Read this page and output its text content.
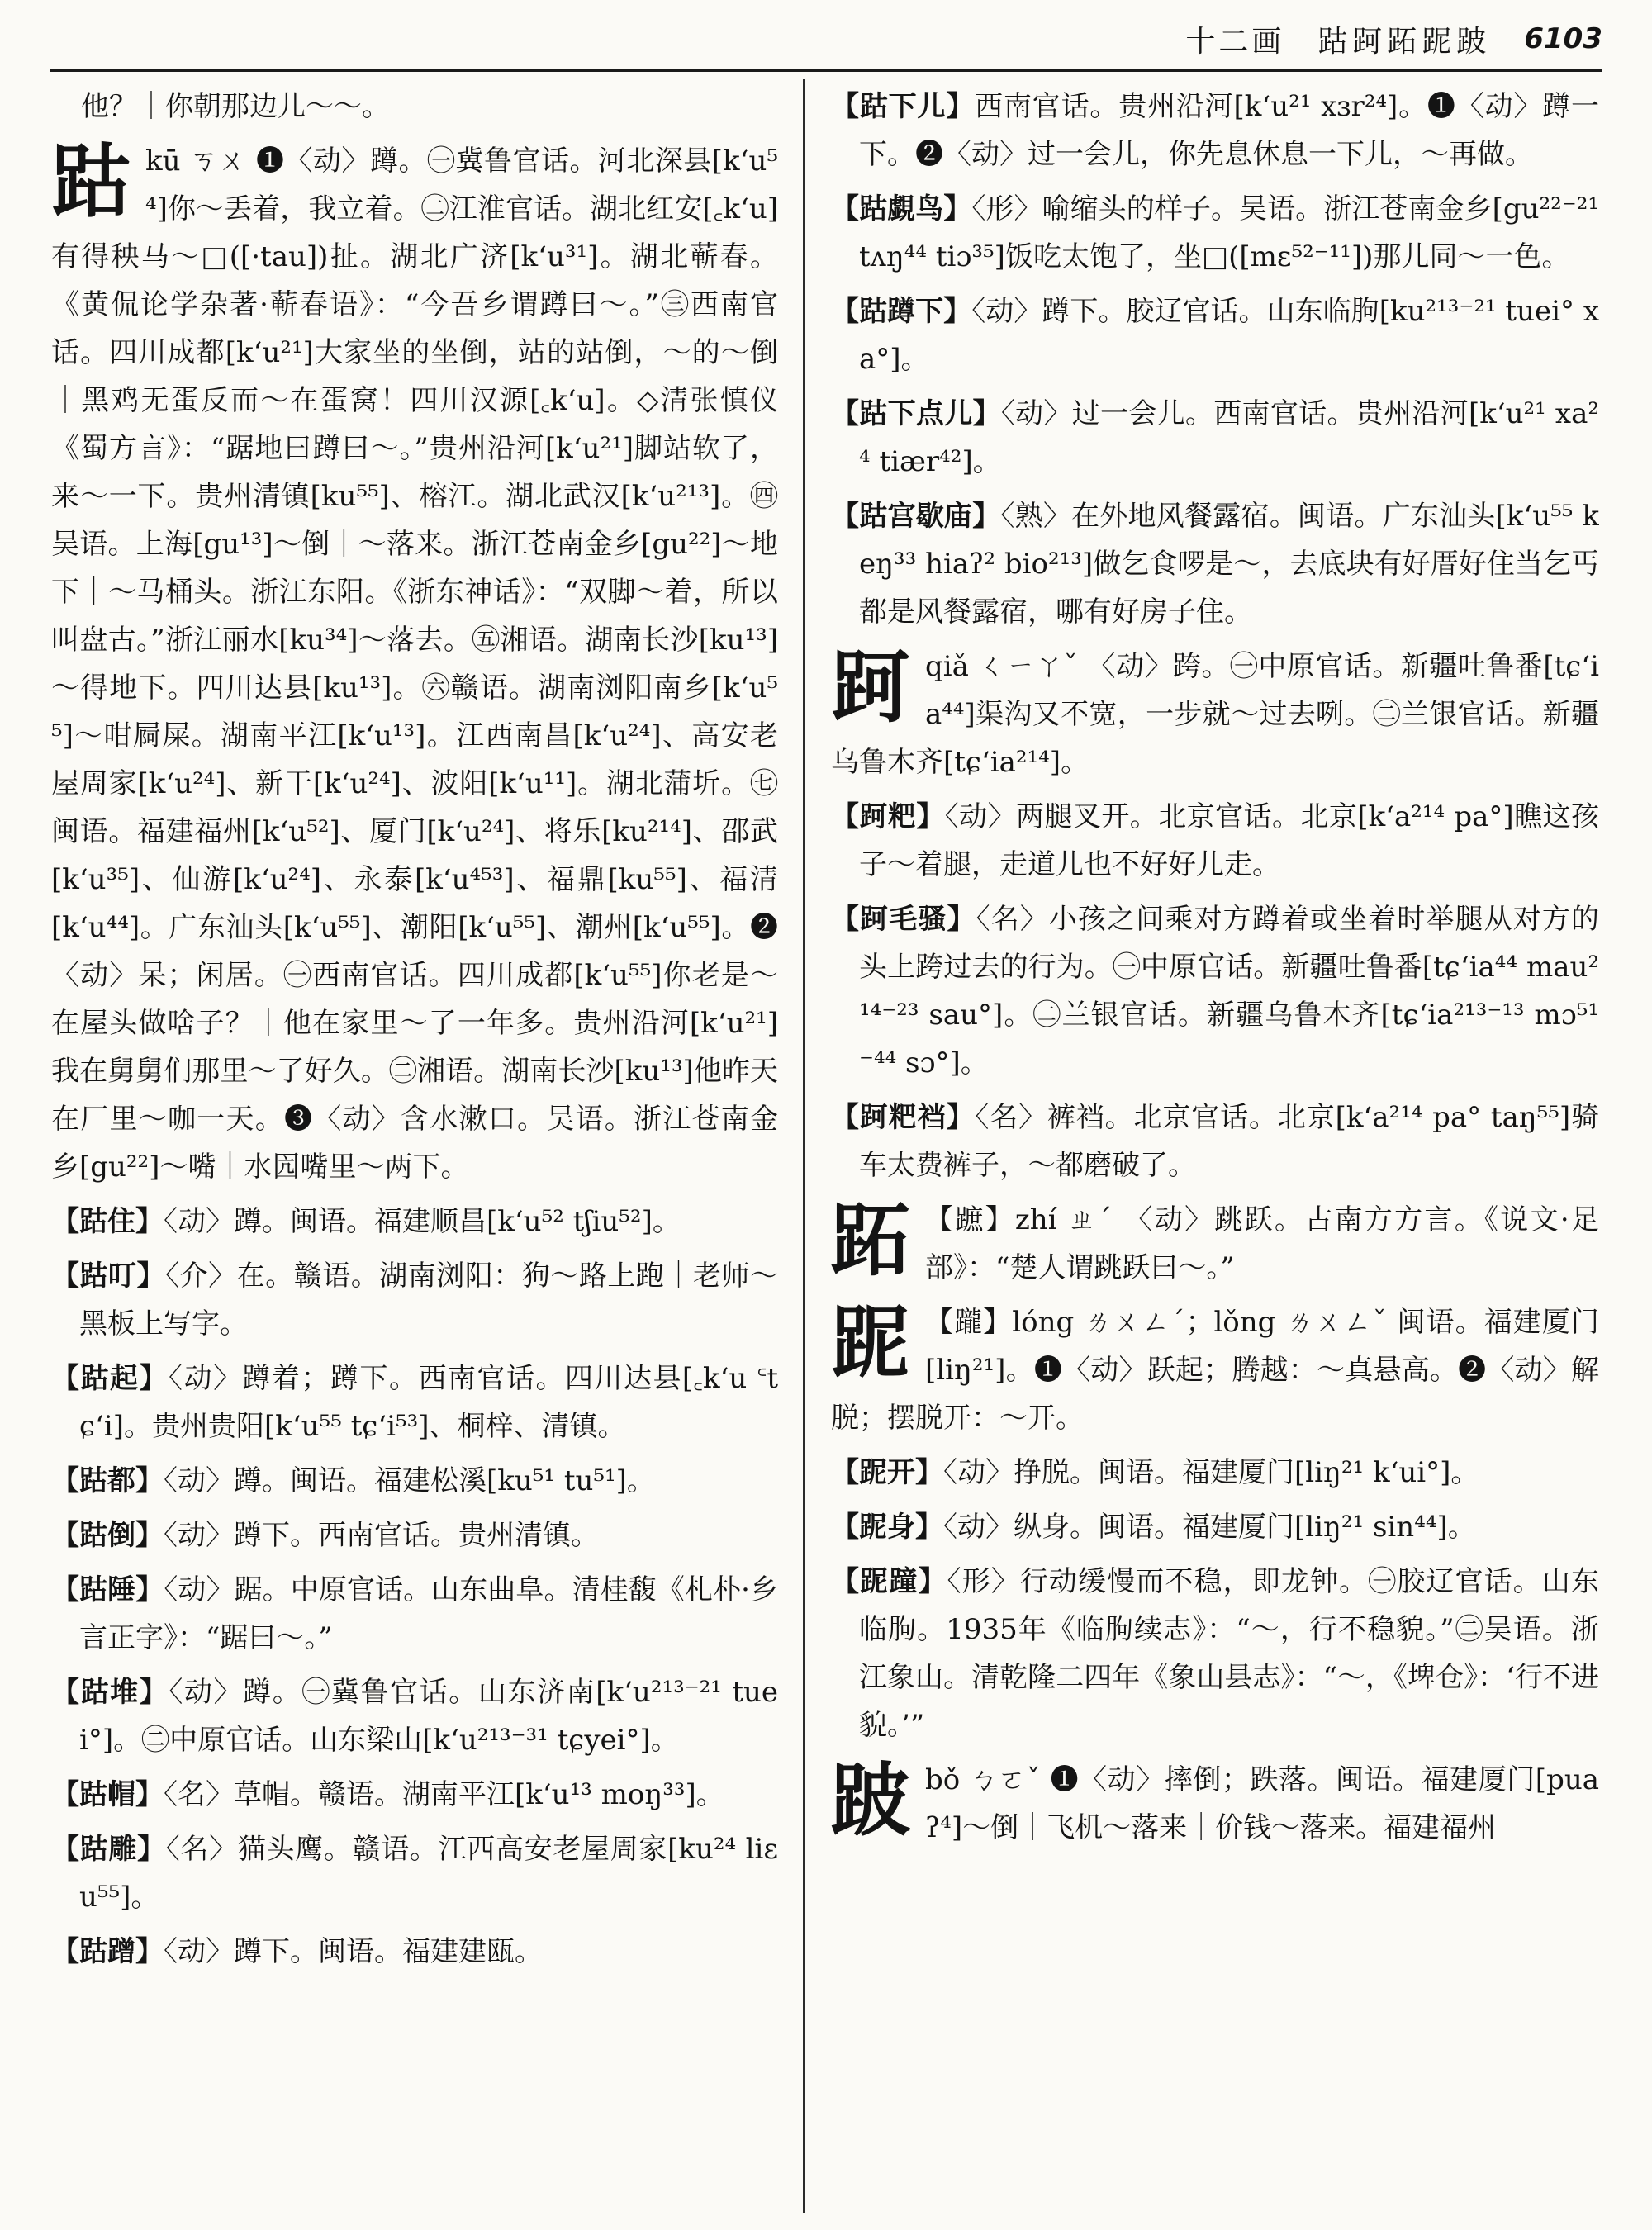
十二画 跍跒跖跜跛 6103

他？｜你朝那边儿～～。

跍 kū ㄎㄨ ❶〈动〉蹲。㊀冀鲁官话。河北深县[k‘u⁵⁴]你～丢着，我立着。㊁江淮官话。湖北红安[꜀k‘u]有得秧马～□([·tau])扯。湖北广济[k‘u³¹]。湖北蕲春。《黄侃论学杂著·蕲春语》：“今吾乡谓蹲曰～。”㊂西南官话。四川成都[k‘u²¹]大家坐的坐倒，站的站倒，～的～倒｜黑鸡无蛋反而～在蛋窝！四川汉源[꜀k‘u]。◇清张慎仪《蜀方言》：“踞地曰蹲曰～。”贵州沿河[k‘u²¹]脚站软了，来～一下。贵州清镇[ku⁵⁵]、榕江。湖北武汉[k‘u²¹³]。㊃吴语。上海[gu¹³]～倒｜～落来。浙江苍南金乡[gu²²]～地下｜～马桶头。浙江东阳。《浙东神话》：“双脚～着，所以叫盘古。”浙江丽水[ku³⁴]～落去。㊄湘语。湖南长沙[ku¹³]～得地下。四川达县[ku¹³]。㊅赣语。湖南浏阳南乡[k‘u⁵⁵]～咁屙屎。湖南平江[k‘u¹³]。江西南昌[k‘u²⁴]、高安老屋周家[k‘u²⁴]、新干[k‘u²⁴]、波阳[k‘u¹¹]。湖北蒲圻。㊆闽语。福建福州[k‘u⁵²]、厦门[k‘u²⁴]、将乐[ku²¹⁴]、邵武[k‘u³⁵]、仙游[k‘u²⁴]、永泰[k‘u⁴⁵³]、福鼎[ku⁵⁵]、福清[k‘u⁴⁴]。广东汕头[k‘u⁵⁵]、潮阳[k‘u⁵⁵]、潮州[k‘u⁵⁵]。❷〈动〉呆；闲居。㊀西南官话。四川成都[k‘u⁵⁵]你老是～在屋头做啥子？｜他在家里～了一年多。贵州沿河[k‘u²¹]我在舅舅们那里～了好久。㊁湘语。湖南长沙[ku¹³]他昨天在厂里～咖一天。❸〈动〉含水漱口。吴语。浙江苍南金乡[gu²²]～嘴｜水囥嘴里～两下。

【跍住】〈动〉蹲。闽语。福建顺昌[k‘u⁵² tʃiu⁵²]。

【跍叮】〈介〉在。赣语。湖南浏阳：狗～路上跑｜老师～黑板上写字。

【跍起】〈动〉蹲着；蹲下。西南官话。四川达县[꜀k‘u ꜂tɕ‘i]。贵州贵阳[k‘u⁵⁵ tɕ‘i⁵³]、桐梓、清镇。

【跍都】〈动〉蹲。闽语。福建松溪[ku⁵¹ tu⁵¹]。

【跍倒】〈动〉蹲下。西南官话。贵州清镇。

【跍陲】〈动〉踞。中原官话。山东曲阜。清桂馥《札朴·乡言正字》：“踞曰～。”

【跍堆】〈动〉蹲。㊀冀鲁官话。山东济南[k‘u²¹³⁻²¹ tuei°]。㊁中原官话。山东梁山[k‘u²¹³⁻³¹ tɕyei°]。

【跍帽】〈名〉草帽。赣语。湖南平江[k‘u¹³ moŋ³³]。

【跍雕】〈名〉猫头鹰。赣语。江西高安老屋周家[ku²⁴ liɛu⁵⁵]。

【跍蹭】〈动〉蹲下。闽语。福建建瓯。

【跍下儿】西南官话。贵州沿河[k‘u²¹ xɜr²⁴]。❶〈动〉蹲一下。❷〈动〉过一会儿，你先息休息一下儿，～再做。

【跍覷鸟】〈形〉喻缩头的样子。吴语。浙江苍南金乡[gu²²⁻²¹ tʌŋ⁴⁴ tiɔ³⁵]饭吃太饱了，坐□([mɛ⁵²⁻¹¹])那儿同～一色。

【跍蹲下】〈动〉蹲下。胶辽官话。山东临朐[ku²¹³⁻²¹ tuei° xa°]。

【跍下点儿】〈动〉过一会儿。西南官话。贵州沿河[k‘u²¹ xa²⁴ tiær⁴²]。

【跍宫歇庙】〈熟〉在外地风餐露宿。闽语。广东汕头[k‘u⁵⁵ keŋ³³ hiaʔ² bio²¹³]做乞食啰是～，去底块有好厝好住当乞丐都是风餐露宿，哪有好房子住。

跒 qiǎ ㄑㄧㄚˇ 〈动〉跨。㊀中原官话。新疆吐鲁番[tɕ‘ia⁴⁴]渠沟又不宽，一步就～过去咧。㊁兰银官话。新疆乌鲁木齐[tɕ‘ia²¹⁴]。

【跒粑】〈动〉两腿叉开。北京官话。北京[k‘a²¹⁴ pa°]瞧这孩子～着腿，走道儿也不好好儿走。

【跒毛骚】〈名〉小孩之间乘对方蹲着或坐着时举腿从对方的头上跨过去的行为。㊀中原官话。新疆吐鲁番[tɕ‘ia⁴⁴ mau²¹⁴⁻²³ sau°]。㊁兰银官话。新疆乌鲁木齐[tɕ‘ia²¹³⁻¹³ mɔ⁵¹⁻⁴⁴ sɔ°]。

【跒粑裆】〈名〉裤裆。北京官话。北京[k‘a²¹⁴ pa° taŋ⁵⁵]骑车太费裤子，～都磨破了。

跖 【蹠】zhí ㄓˊ 〈动〉跳跃。古南方方言。《说文·足部》：“楚人谓跳跃曰～。”
跜 【躘】lóng ㄌㄨㄥˊ；lǒng ㄌㄨㄥˇ 闽语。福建厦门[liŋ²¹]。❶〈动〉跃起；腾越：～真悬高。❷〈动〉解脱；摆脱开：～开。

【跜开】〈动〉挣脱。闽语。福建厦门[liŋ²¹ k‘ui°]。

【跜身】〈动〉纵身。闽语。福建厦门[liŋ²¹ sin⁴⁴]。

【跜蹱】〈形〉行动缓慢而不稳，即龙钟。㊀胶辽官话。山东临朐。1935年《临朐续志》：“～，行不稳貌。”㊁吴语。浙江象山。清乾隆二四年《象山县志》：“～，《埤仓》：‘行不进貌。’”

跛 bǒ ㄅㄛˇ ❶〈动〉摔倒；跌落。闽语。福建厦门[puaʔ⁴]～倒｜飞机～落来｜价钱～落来。福建福州
